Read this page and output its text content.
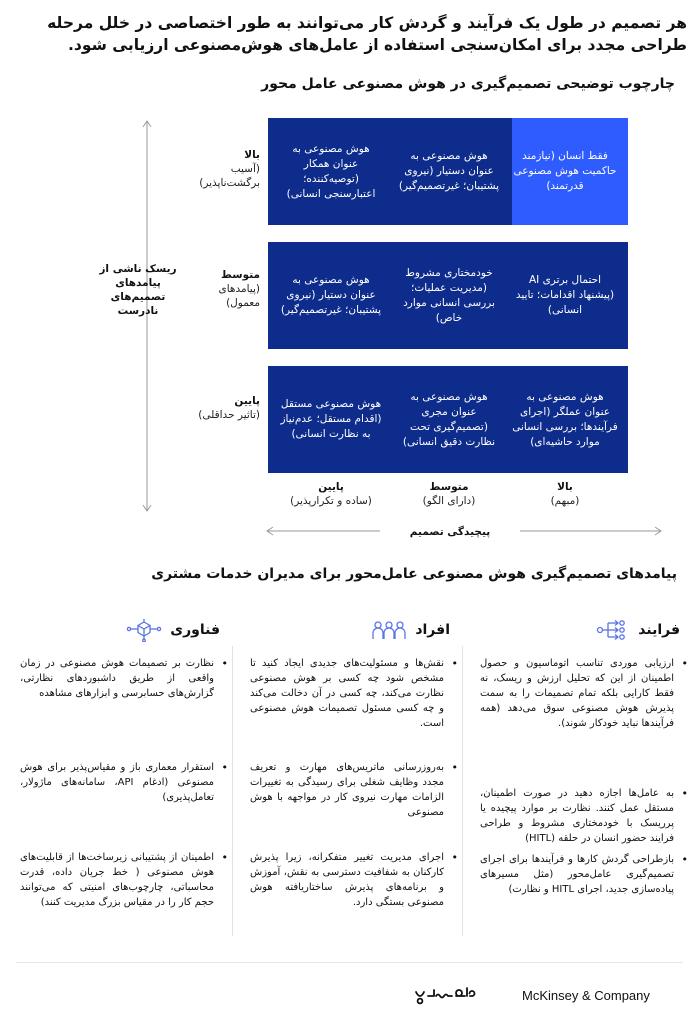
هر تصمیم در طول یک فرآیند و گردش کار می‌توانند به طور اختصاصی در خلل مرحله طراحی مجدد برای امکان‌سنجی استفاده از عامل‌های هوش‌مصنوعی ارزیابی شود.
چارچوب توضیحی تصمیم‌گیری در هوش مصنوعی عامل محور
ریسک ناشی از پیامدهای تصمیم‌های نادرست
پیچیدگی تصمیم
بالا
(آسیب برگشت‌ناپذیر)
متوسط
(پیامدهای معمول)
پایین
(تاثیر حداقلی)
فقط انسان (نیازمند حاکمیت هوش مصنوعی قدرتمند)
هوش مصنوعی به عنوان دستیار (نیروی پشتیبان؛ غیرتصمیم‌گیر)
هوش مصنوعی به عنوان همکار (توصیه‌کننده؛ اعتبارسنجی انسانی)
احتمال برتری AI (پیشنهاد اقدامات؛ تایید انسانی)
خودمختاری مشروط (مدیریت عملیات؛ بررسی انسانی موارد خاص)
هوش مصنوعی به عنوان دستیار (نیروی پشتیبان؛ غیرتصمیم‌گیر)
هوش مصنوعی به عنوان عملگر (اجرای فرآیندها؛ بررسی انسانی موارد حاشیه‌ای)
هوش مصنوعی به عنوان مجری (تصمیم‌گیری تحت نظارت دقیق انسانی)
هوش مصنوعی مستقل (اقدام مستقل؛ عدم‌نیاز به نظارت انسانی)
بالا
(مبهم)
متوسط
(دارای الگو)
پایین
(ساده و تکرارپذیر)
پیامدهای تصمیم‌گیری هوش مصنوعی عامل‌محور برای مدیران خدمات مشتری
فرایند
افراد
فناوری
• ارزیابی موردی تناسب اتوماسیون و حصول اطمینان از این که تحلیل ارزش و ریسک، نه فقط کارایی بلکه تمام تصمیمات را به سمت پذیرش هوش مصنوعی سوق می‌دهد (همه فرآیندها نباید خودکار شوند).
• به عامل‌ها اجازه دهید در صورت اطمینان، مستقل عمل کنند. نظارت بر موارد پیچیده یا پرریسک با خودمختاری مشروط و طراحی فرایند حضور انسان در حلقه (HITL)
• بازطراحی گردش کارها و فرآیندها برای اجرای تصمیم‌گیری عامل‌محور (مثل مسیرهای پیاده‌سازی جدید، اجرای HITL و نظارت)
• نقش‌ها و مسئولیت‌های جدیدی ایجاد کنید تا مشخص شود چه کسی بر هوش مصنوعی نظارت می‌کند، چه کسی در آن دخالت می‌کند و چه کسی مسئول تصمیمات هوش مصنوعی است.
• به‌روزرسانی ماتریس‌های مهارت و تعریف مجدد وظایف شغلی برای رسیدگی به تغییرات الزامات مهارت نیروی کار در مواجهه با هوش مصنوعی
• اجرای مدیریت تغییر متفکرانه، زیرا پذیرش کارکنان به شفافیت دسترسی به نقش، آموزش و برنامه‌های پذیرش ساختاریافته هوش مصنوعی بستگی دارد.
• نظارت بر تصمیمات هوش مصنوعی در زمان واقعی از طریق داشبوردهای نظارتی، گزارش‌های حسابرسی و ابزارهای مشاهده
• استقرار معماری باز و مقیاس‌پذیر برای هوش مصنوعی (ادغام API، سامانه‌های ماژولار، تعامل‌پذیری)
• اطمینان از پشتیبانی زیرساخت‌ها از قابلیت‌های هوش مصنوعی ( خط جریان داده، قدرت محاسباتی، چارچوب‌های امنیتی که می‌توانند حجم کار را در مقیاس بزرگ مدیریت کنند)
McKinsey & Company
